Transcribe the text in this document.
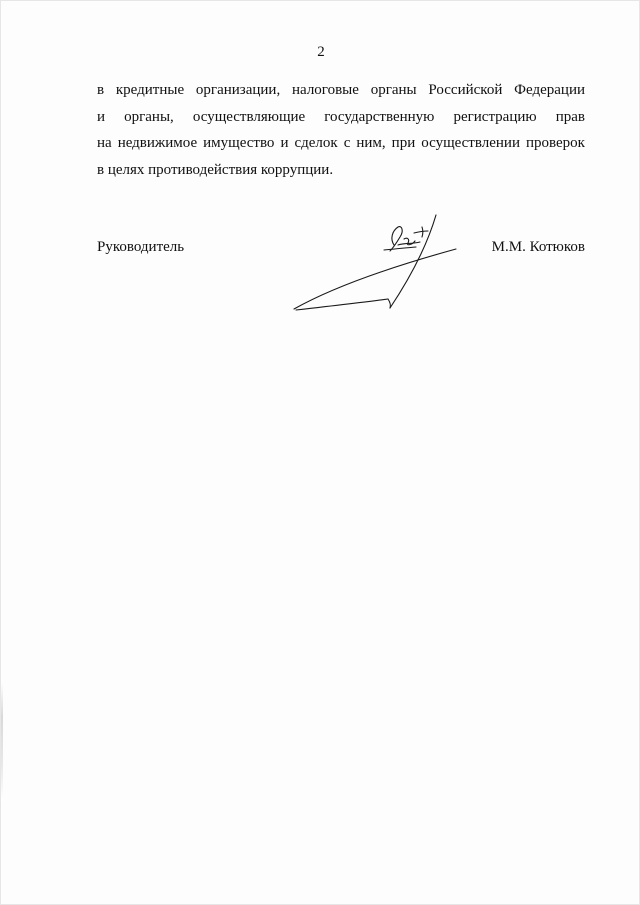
2
в кредитные организации, налоговые органы Российской Федерации
и органы, осуществляющие государственную регистрацию прав
на недвижимое имущество и сделок с ним, при осуществлении проверок
в целях противодействия коррупции.
Руководитель	М.М. Котюков
